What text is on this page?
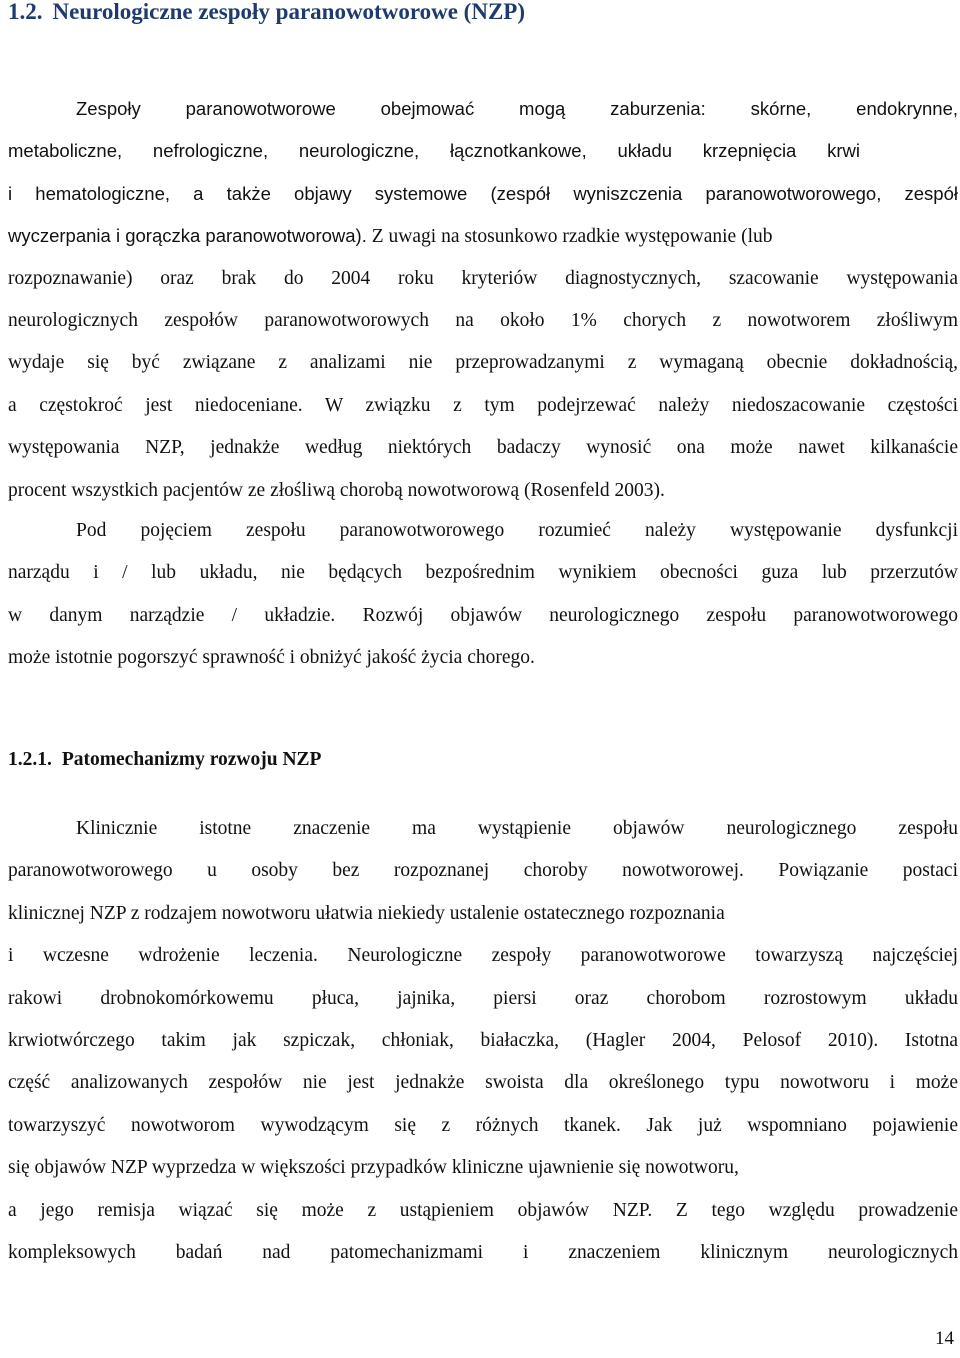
1.2. Neurologiczne zespoły paranowotworowe (NZP)
Zespoły paranowotworowe obejmować mogą zaburzenia: skórne, endokrynne,
metaboliczne, nefrologiczne, neurologiczne, łącznotkankowe, układu krzepnięcia krwi
i hematologiczne, a także objawy systemowe (zespół wyniszczenia paranowotworowego, zespół
wyczerpania i gorączka paranowotworowa). Z uwagi na stosunkowo rzadkie występowanie (lub
rozpoznawanie) oraz brak do 2004 roku kryteriów diagnostycznych, szacowanie występowania
neurologicznych zespołów paranowotworowych na około 1% chorych z nowotworem złośliwym
wydaje się być związane z analizami nie przeprowadzanymi z wymaganą obecnie dokładnością,
a częstokroć jest niedoceniane. W związku z tym podejrzewać należy niedoszacowanie częstości
występowania NZP, jednakże według niektórych badaczy wynosić ona może nawet kilkanaście
procent wszystkich pacjentów ze złośliwą chorobą nowotworową (Rosenfeld 2003).
Pod pojęciem zespołu paranowotworowego rozumieć należy występowanie dysfunkcji
narządu i / lub układu, nie będących bezpośrednim wynikiem obecności guza lub przerzutów
w danym narządzie / układzie. Rozwój objawów neurologicznego zespołu paranowotworowego
może istotnie pogorszyć sprawność i obniżyć jakość życia chorego.
1.2.1. Patomechanizmy rozwoju NZP
Klinicznie istotne znaczenie ma wystąpienie objawów neurologicznego zespołu
paranowotworowego u osoby bez rozpoznanej choroby nowotworowej. Powiązanie postaci
klinicznej NZP z rodzajem nowotworu ułatwia niekiedy ustalenie ostatecznego rozpoznania
i wczesne wdrożenie leczenia. Neurologiczne zespoły paranowotworowe towarzyszą najczęściej
rakowi drobnokomórkowemu płuca, jajnika, piersi oraz chorobom rozrostowym układu
krwiotwórczego takim jak szpiczak, chłoniak, białaczka, (Hagler 2004, Pelosof 2010). Istotna
część analizowanych zespołów nie jest jednakże swoista dla określonego typu nowotworu i może
towarzyszyć nowotworom wywodzącym się z różnych tkanek. Jak już wspomniano pojawienie
się objawów NZP wyprzedza w większości przypadków kliniczne ujawnienie się nowotworu,
a jego remisja wiązać się może z ustąpieniem objawów NZP. Z tego względu prowadzenie
kompleksowych badań nad patomechanizmami i znaczeniem klinicznym neurologicznych
14
